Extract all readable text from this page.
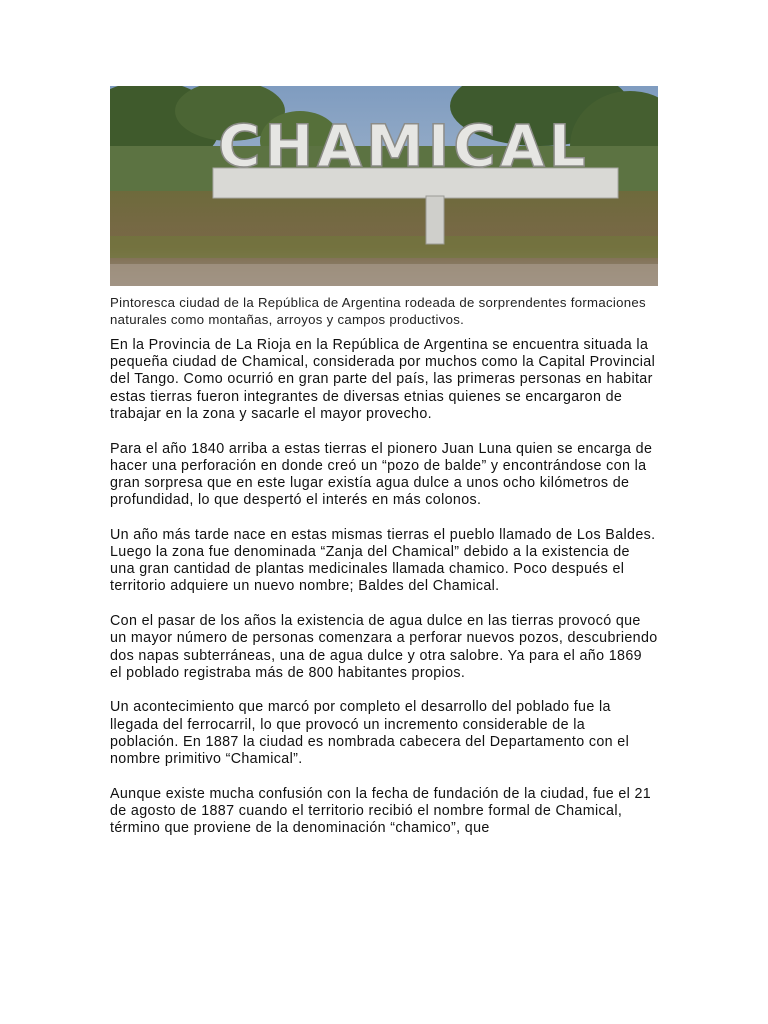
CHAMICAL
Pintoresca ciudad de la República de Argentina rodeada de sorprendentes formaciones naturales como montañas, arroyos y campos productivos.

En la Provincia de La Rioja en la República de Argentina se encuentra situada la pequeña ciudad de Chamical, considerada por muchos como la Capital Provincial del Tango. Como ocurrió en gran parte del país, las primeras personas en habitar estas tierras fueron integrantes de diversas etnias quienes se encargaron de trabajar en la zona y sacarle el mayor provecho.

Para el año 1840 arriba a estas tierras el pionero Juan Luna quien se encarga de hacer una perforación en donde creó un “pozo de balde” y encontrándose con la gran sorpresa que en este lugar existía agua dulce a unos ocho kilómetros de profundidad, lo que despertó el interés en más colonos.

Un año más tarde nace en estas mismas tierras el pueblo llamado de Los Baldes. Luego la zona fue denominada “Zanja del Chamical” debido a la existencia de una gran cantidad de plantas medicinales llamada chamico. Poco después el territorio adquiere un nuevo nombre; Baldes del Chamical.

Con el pasar de los años la existencia de agua dulce en las tierras provocó que un mayor número de personas comenzara a perforar nuevos pozos, descubriendo dos napas subterráneas, una de agua dulce y otra salobre. Ya para el año 1869 el poblado registraba más de 800 habitantes propios.

Un acontecimiento que marcó por completo el desarrollo del poblado fue la llegada del ferrocarril, lo que provocó un incremento considerable de la población. En 1887 la ciudad es nombrada cabecera del Departamento con el nombre primitivo “Chamical”.

Aunque existe mucha confusión con la fecha de fundación de la ciudad, fue el 21 de agosto de 1887 cuando el territorio recibió el nombre formal de Chamical, término que proviene de la denominación “chamico”, que
